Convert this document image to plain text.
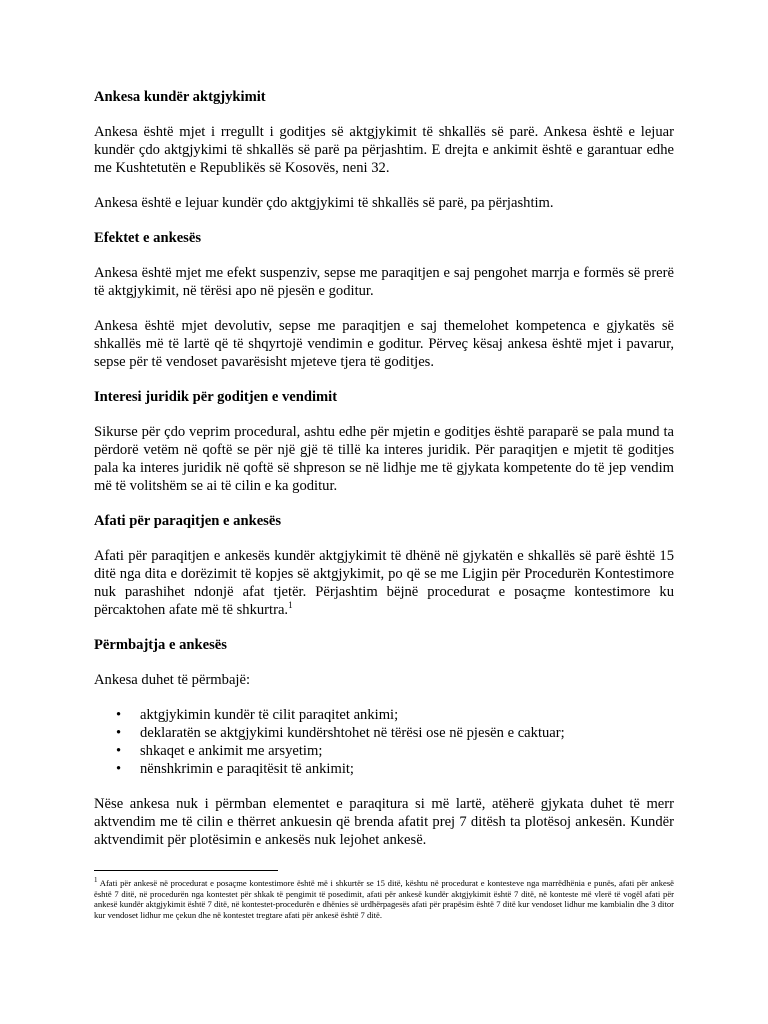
Ankesa kundër aktgjykimit

Ankesa është mjet i rregullt i goditjes së aktgjykimit të shkallës së parë. Ankesa është e lejuar kundër çdo aktgjykimi të shkallës së parë pa përjashtim. E drejta e ankimit është e garantuar edhe me Kushtetutën e Republikës së Kosovës, neni 32.

Ankesa është e lejuar kundër çdo aktgjykimi të shkallës së parë, pa përjashtim.

Efektet e ankesës

Ankesa është mjet me efekt suspenziv, sepse me paraqitjen e saj pengohet marrja e formës së prerë të aktgjykimit, në tërësi apo në pjesën e goditur.

Ankesa është mjet devolutiv, sepse me paraqitjen e saj themelohet kompetenca e gjykatës së shkallës më të lartë që të shqyrtojë vendimin e goditur. Përveç kësaj ankesa është mjet i pavarur, sepse për të vendoset pavarësisht mjeteve tjera të goditjes.

Interesi juridik për goditjen e vendimit

Sikurse për çdo veprim procedural, ashtu edhe për mjetin e goditjes është paraparë se pala mund ta përdorë vetëm në qoftë se për një gjë të tillë ka interes juridik. Për paraqitjen e mjetit të goditjes pala ka interes juridik në qoftë së shpreson se në lidhje me të gjykata kompetente do të jep vendim më të volitshëm se ai të cilin e ka goditur.

Afati për paraqitjen e ankesës

Afati për paraqitjen e ankesës kundër aktgjykimit të dhënë në gjykatën e shkallës së parë është 15 ditë nga dita e dorëzimit të kopjes së aktgjykimit, po që se me Ligjin për Procedurën Kontestimore nuk parashihet ndonjë afat tjetër. Përjashtim bëjnë procedurat e posaçme kontestimore ku përcaktohen afate më të shkurtra.$^1$

Përmbajtja e ankesës

Ankesa duhet të përmbajë:

• aktgjykimin kundër të cilit paraqitet ankimi;
• deklaratën se aktgjykimi kundërshtohet në tërësi ose në pjesën e caktuar;
• shkaqet e ankimit me arsyetim;
• nënshkrimin e paraqitësit të ankimit;

Nëse ankesa nuk i përmban elementet e paraqitura si më lartë, atëherë gjykata duhet të merr aktvendim me të cilin e thërret ankuesin që brenda afatit prej 7 ditësh ta plotësoj ankesën. Kundër aktvendimit për plotësimin e ankesës nuk lejohet ankesë.

$^1$ Afati për ankesë në procedurat e posaçme kontestimore është më i shkurtër se 15 ditë, kështu në procedurat e kontesteve nga marrëdhënia e punës, afati për ankesë është 7 ditë, në procedurën nga kontestet për shkak të pengimit të posedimit, afati për ankesë kundër aktgjykimit është 7 ditë, në konteste më vlerë të vogël afati për ankesë kundër aktgjykimit është 7 ditë, në kontestet-procedurën e dhënies së urdhërpagesës afati për prapësim është 7 ditë kur vendoset lidhur me kambialin dhe 3 ditor kur vendoset lidhur me çekun dhe në kontestet tregtare afati për ankesë është 7 ditë.
